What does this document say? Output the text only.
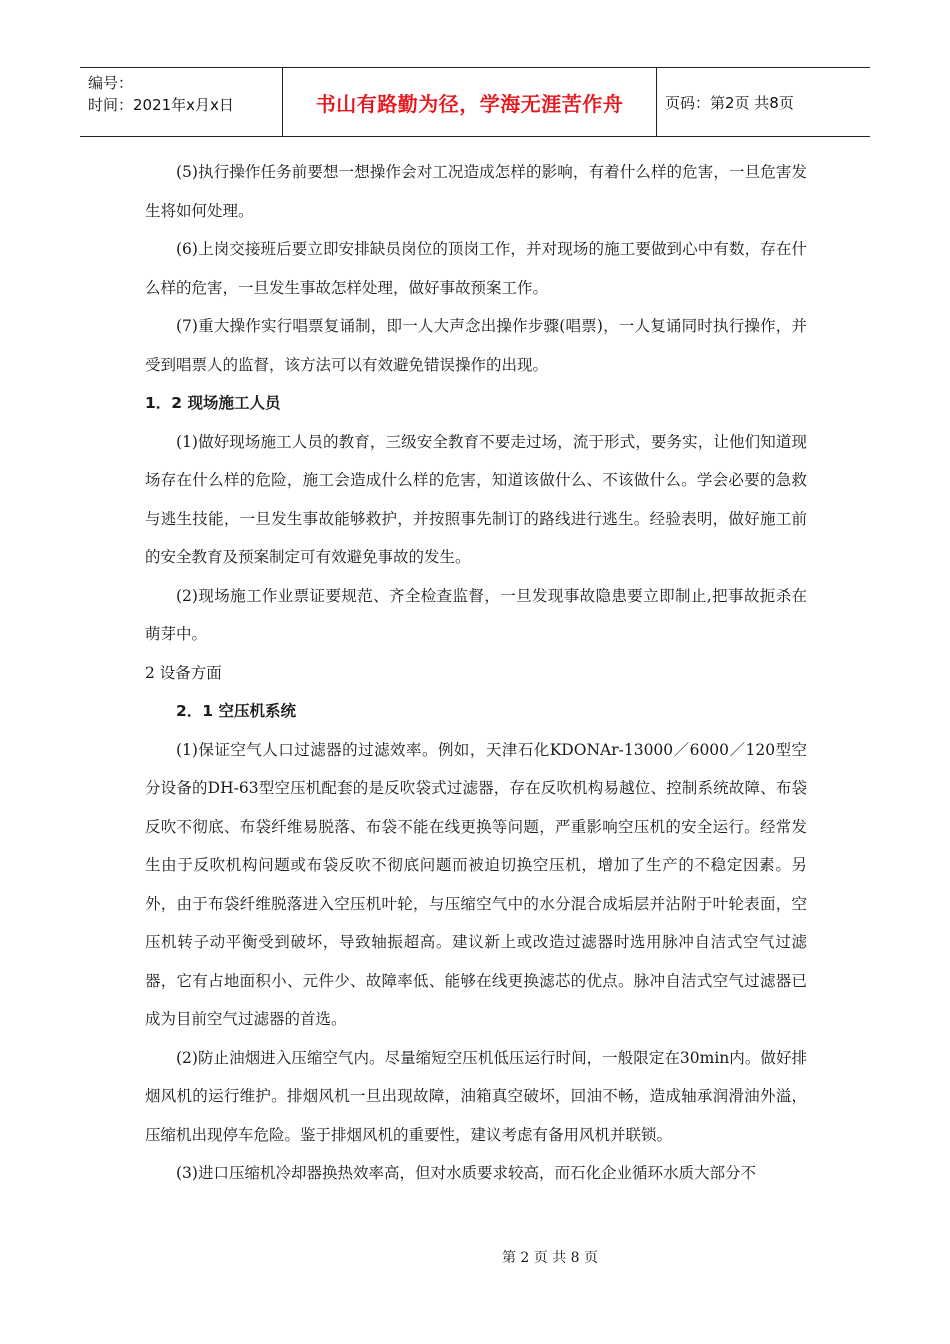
编号：
时间：2021年x月x日	书山有路勤为径，学海无涯苦作舟	页码：第2页 共8页

(5)执行操作任务前要想一想操作会对工况造成怎样的影响，有着什么样的危害，一旦危害发生将如何处理。

(6)上岗交接班后要立即安排缺员岗位的顶岗工作，并对现场的施工要做到心中有数，存在什么样的危害，一旦发生事故怎样处理，做好事故预案工作。

(7)重大操作实行唱票复诵制，即一人大声念出操作步骤(唱票)，一人复诵同时执行操作，并受到唱票人的监督，该方法可以有效避免错误操作的出现。

1．2 现场施工人员

(1)做好现场施工人员的教育，三级安全教育不要走过场，流于形式，要务实，让他们知道现场存在什么样的危险，施工会造成什么样的危害，知道该做什么、不该做什么。学会必要的急救与逃生技能，一旦发生事故能够救护，并按照事先制订的路线进行逃生。经验表明，做好施工前的安全教育及预案制定可有效避免事故的发生。

(2)现场施工作业票证要规范、齐全检查监督，一旦发现事故隐患要立即制止,把事故扼杀在萌芽中。

2 设备方面

2．1 空压机系统

(1)保证空气人口过滤器的过滤效率。例如，天津石化KDONAr-13000／6000／120型空分设备的DH-63型空压机配套的是反吹袋式过滤器，存在反吹机构易越位、控制系统故障、布袋反吹不彻底、布袋纤维易脱落、布袋不能在线更换等问题，严重影响空压机的安全运行。经常发生由于反吹机构问题或布袋反吹不彻底问题而被迫切换空压机，增加了生产的不稳定因素。另外，由于布袋纤维脱落进入空压机叶轮，与压缩空气中的水分混合成垢层并沾附于叶轮表面，空压机转子动平衡受到破坏，导致轴振超高。建议新上或改造过滤器时选用脉冲自洁式空气过滤器，它有占地面积小、元件少、故障率低、能够在线更换滤芯的优点。脉冲自洁式空气过滤器已成为目前空气过滤器的首选。

(2)防止油烟进入压缩空气内。尽量缩短空压机低压运行时间，一般限定在30min内。做好排烟风机的运行维护。排烟风机一旦出现故障，油箱真空破坏，回油不畅，造成轴承润滑油外溢，压缩机出现停车危险。鉴于排烟风机的重要性，建议考虑有备用风机并联锁。

(3)进口压缩机冷却器换热效率高，但对水质要求较高，而石化企业循环水质大部分不

第 2 页 共 8 页
